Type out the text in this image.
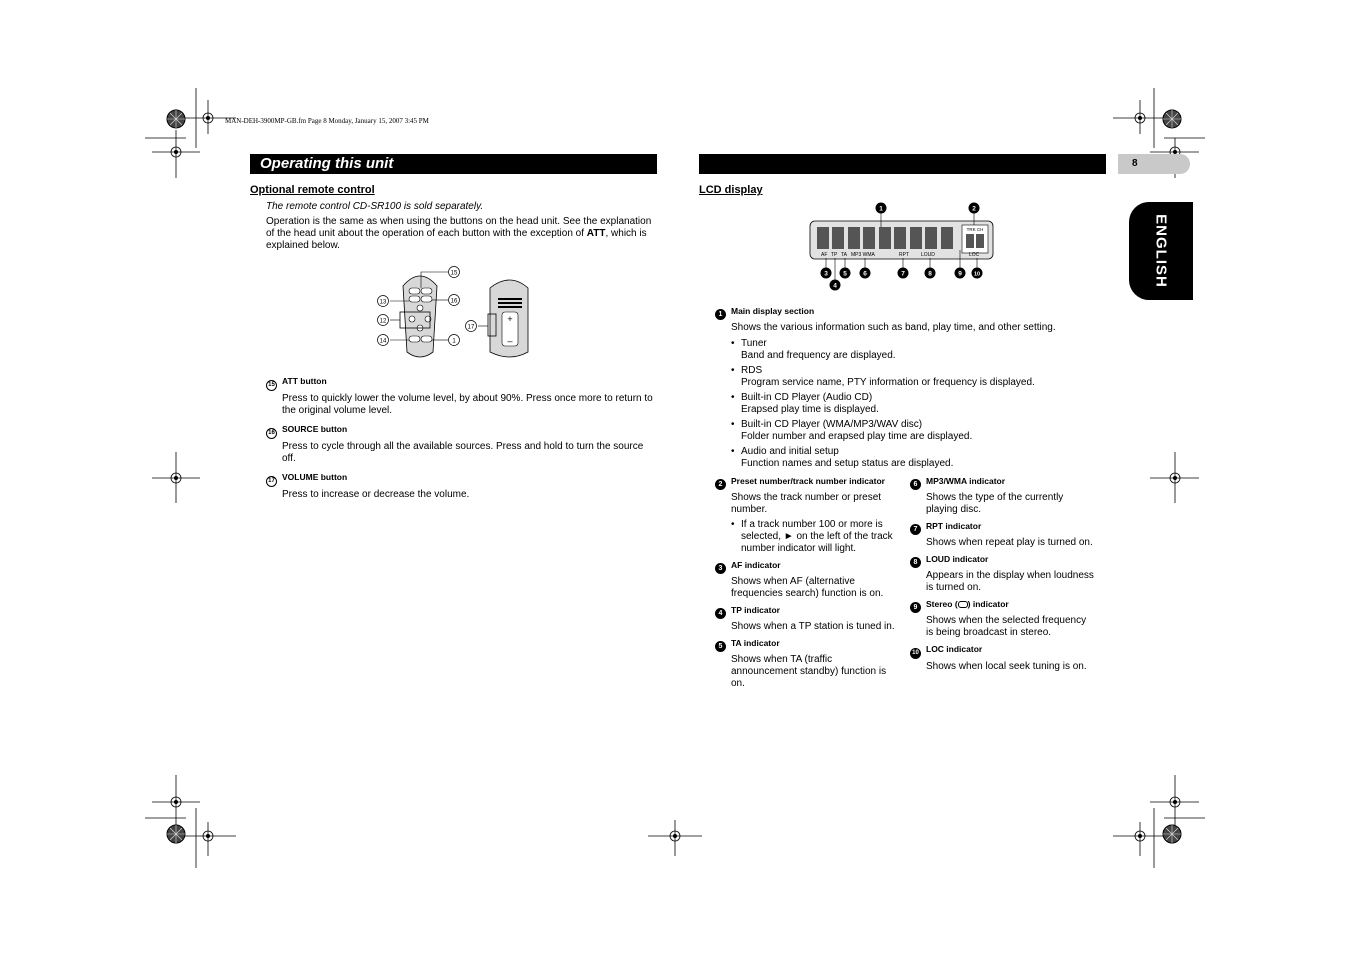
MAN-DEH-3900MP-GB.fm Page 8 Monday, January 15, 2007 3:45 PM
Operating this unit	8
ENGLISH
Optional remote control
The remote control CD-SR100 is sold separately.
Operation is the same as when using the buttons on the head unit. See the explanation of the head unit about the operation of each button with the exception of ATT, which is explained below.
+
–
15
13
12
14
16
1
17
15 ATT button
Press to quickly lower the volume level, by about 90%. Press once more to return to the original volume level.
16 SOURCE button
Press to cycle through all the available sources. Press and hold to turn the source off.
17 VOLUME button
Press to increase or decrease the volume.
LCD display
TRK CH
AF TP TA MP3 WMA	RPT LOUD	LOC
1	2
3
4
5	6	7	8	9 10
1 Main display section
Shows the various information such as band, play time, and other setting.
• Tuner
Band and frequency are displayed.
• RDS
Program service name, PTY information or frequency is displayed.
• Built-in CD Player (Audio CD)
Erapsed play time is displayed.
• Built-in CD Player (WMA/MP3/WAV disc)
Folder number and erapsed play time are displayed.
• Audio and initial setup
Function names and setup status are displayed.
2 Preset number/track number indicator
Shows the track number or preset number.
• If a track number 100 or more is selected, ► on the left of the track number indicator will light.
3 AF indicator
Shows when AF (alternative frequencies search) function is on.
4 TP indicator
Shows when a TP station is tuned in.
5 TA indicator
Shows when TA (traffic announcement standby) function is on.
6 MP3/WMA indicator
Shows the type of the currently playing disc.
7 RPT indicator
Shows when repeat play is turned on.
8 LOUD indicator
Appears in the display when loudness is turned on.
9 Stereo ( ) indicator
Shows when the selected frequency is being broadcast in stereo.
10 LOC indicator
Shows when local seek tuning is on.
